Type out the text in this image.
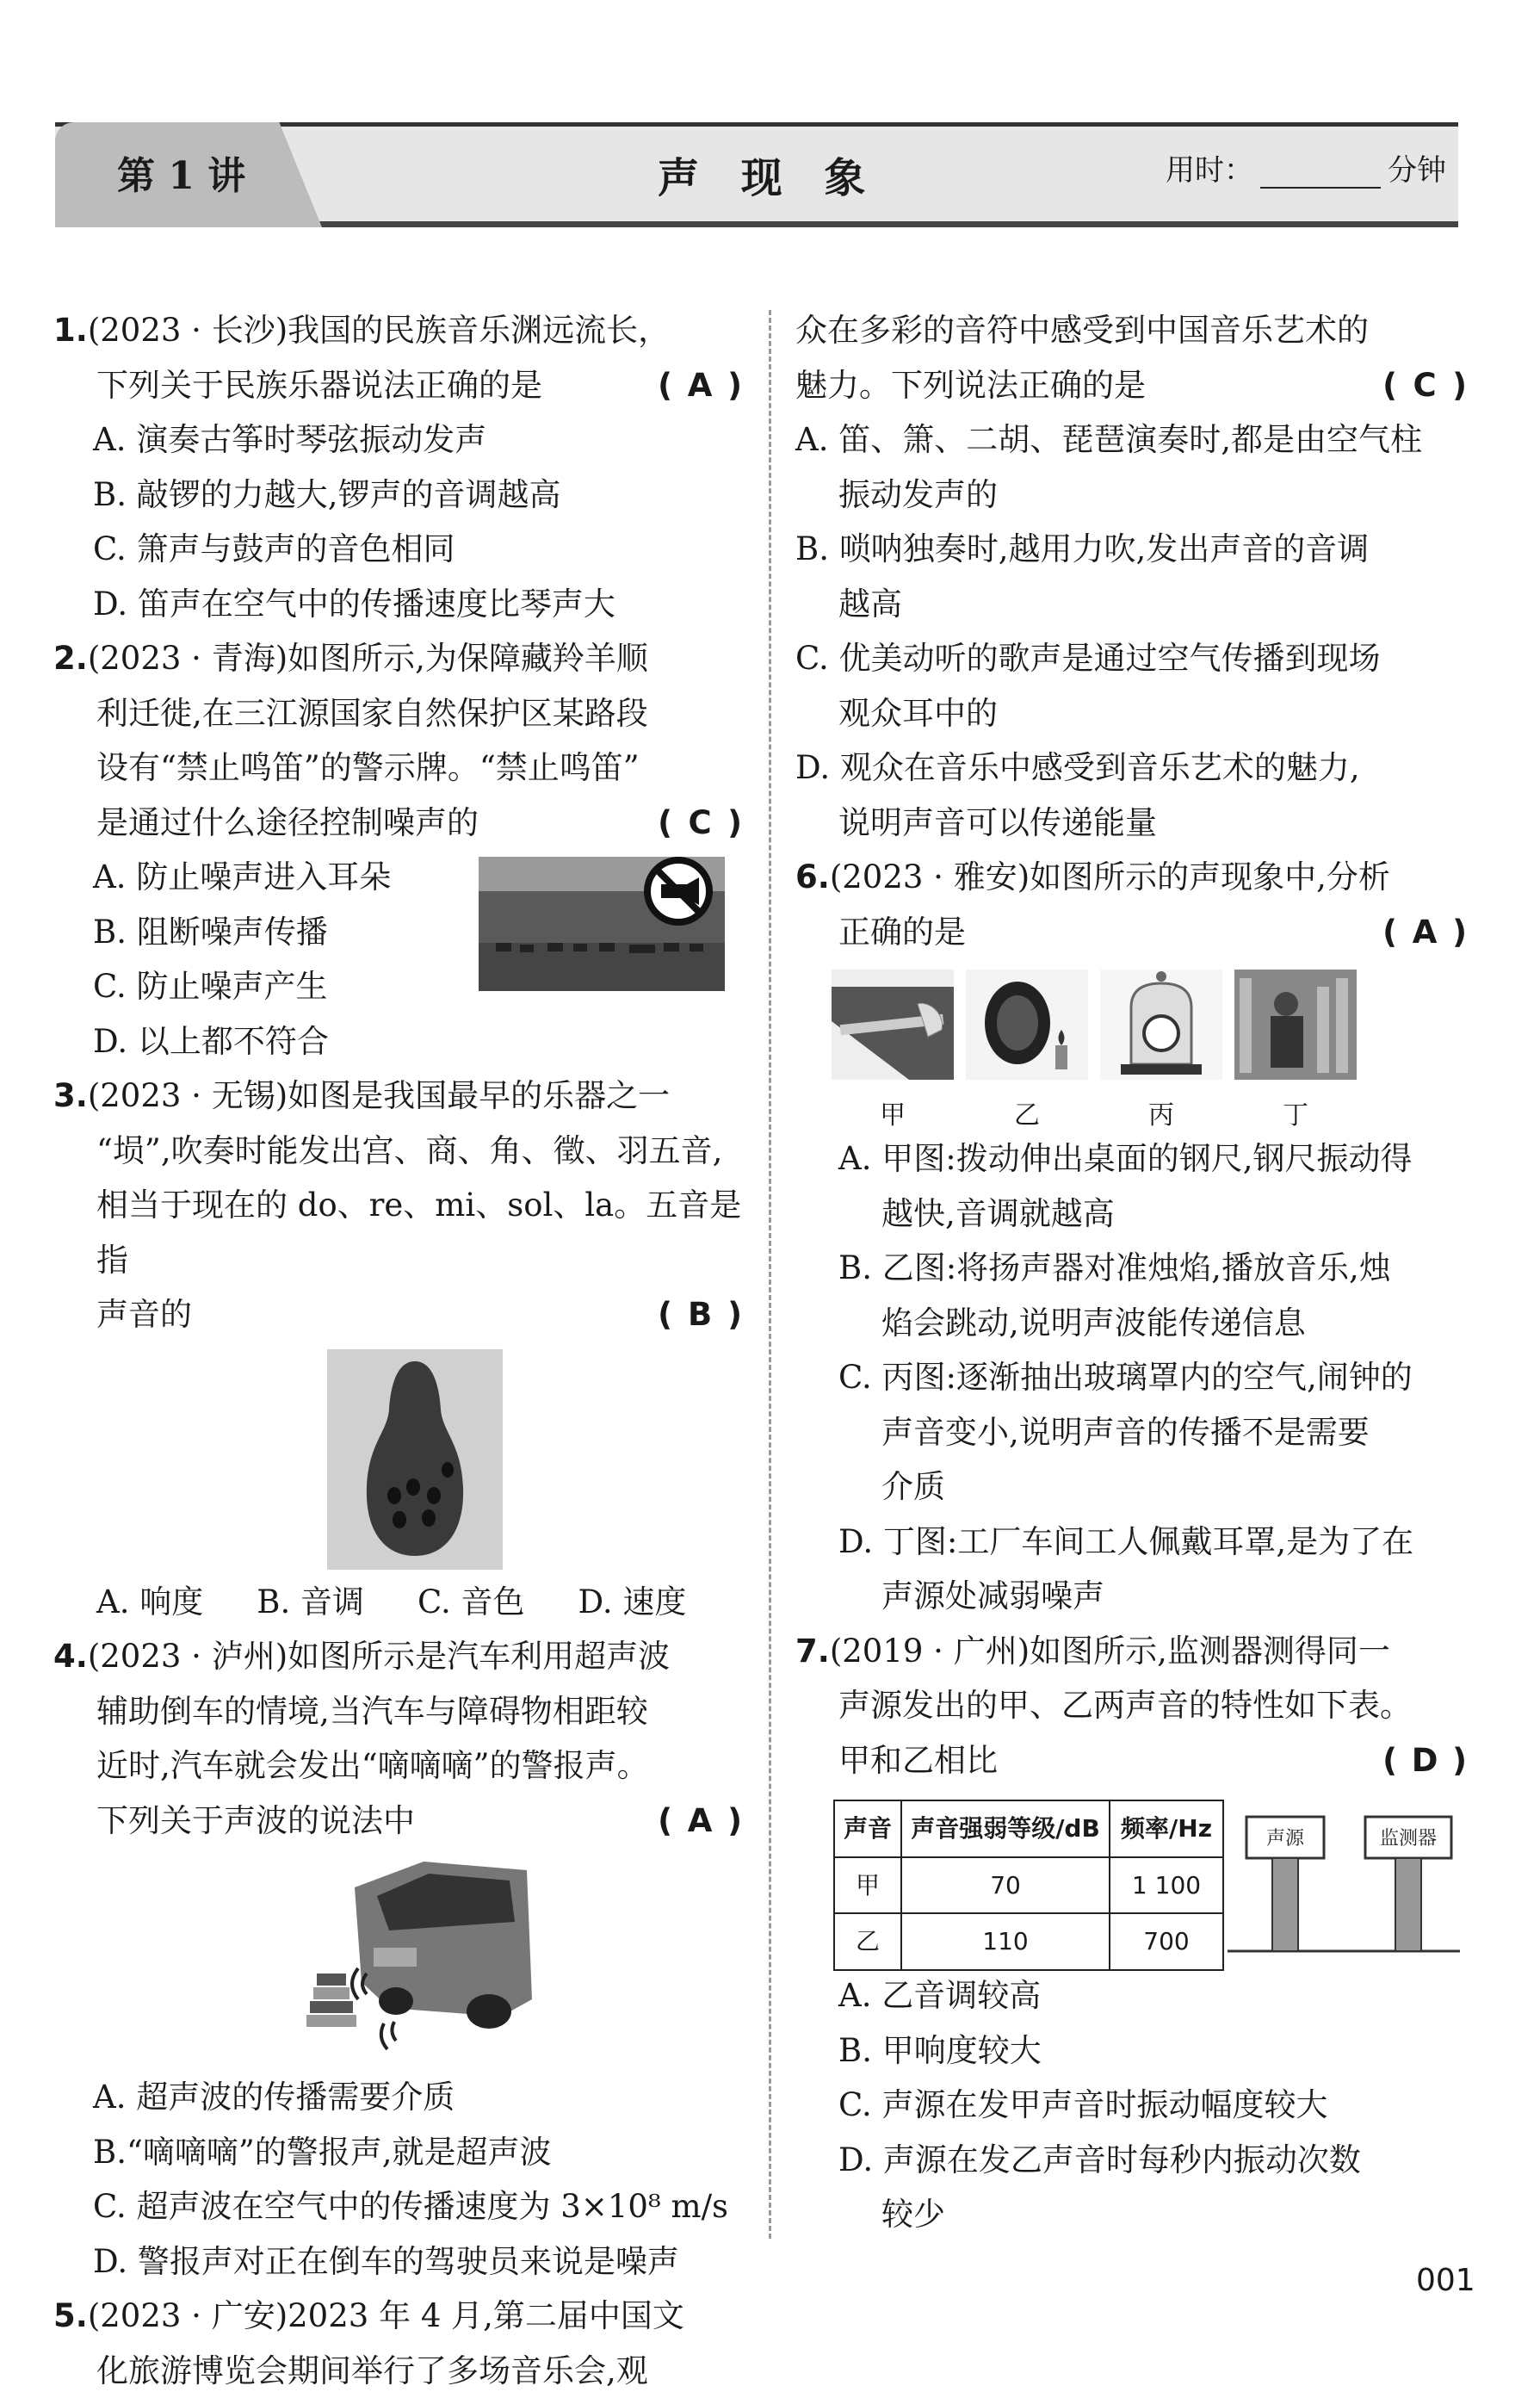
第 1 讲	声 现 象	用时：	分钟
1.(2023 · 长沙)我国的民族音乐渊远流长，
下列关于民族乐器说法正确的是	( A )
A. 演奏古筝时琴弦振动发声
B. 敲锣的力越大,锣声的音调越高
C. 箫声与鼓声的音色相同
D. 笛声在空气中的传播速度比琴声大
2.(2023 · 青海)如图所示,为保障藏羚羊顺
利迁徙,在三江源国家自然保护区某路段
设有“禁止鸣笛”的警示牌。“禁止鸣笛”
是通过什么途径控制噪声的	( C )
A. 防止噪声进入耳朵
B. 阻断噪声传播
C. 防止噪声产生
D. 以上都不符合
3.(2023 · 无锡)如图是我国最早的乐器之一
“埙”,吹奏时能发出宫、商、角、徵、羽五音,
相当于现在的 do、re、mi、sol、la。五音是指
声音的	( B )
A. 响度 B. 音调 C. 音色 D. 速度
4.(2023 · 泸州)如图所示是汽车利用超声波
辅助倒车的情境,当汽车与障碍物相距较
近时,汽车就会发出“嘀嘀嘀”的警报声。
下列关于声波的说法中	( A )
A. 超声波的传播需要介质
B.“嘀嘀嘀”的警报声,就是超声波
C. 超声波在空气中的传播速度为 3×10⁸ m/s
D. 警报声对正在倒车的驾驶员来说是噪声
5.(2023 · 广安)2023 年 4 月,第二届中国文
化旅游博览会期间举行了多场音乐会,观
众在多彩的音符中感受到中国音乐艺术的
魅力。下列说法正确的是	( C )
A. 笛、箫、二胡、琵琶演奏时,都是由空气柱
振动发声的
B. 唢呐独奏时,越用力吹,发出声音的音调
越高
C. 优美动听的歌声是通过空气传播到现场
观众耳中的
D. 观众在音乐中感受到音乐艺术的魅力,
说明声音可以传递能量
6.(2023 · 雅安)如图所示的声现象中,分析
正确的是	( A )
甲	乙	丙	丁
A. 甲图:拨动伸出桌面的钢尺,钢尺振动得
越快,音调就越高
B. 乙图:将扬声器对准烛焰,播放音乐,烛
焰会跳动,说明声波能传递信息
C. 丙图:逐渐抽出玻璃罩内的空气,闹钟的
声音变小,说明声音的传播不是需要
介质
D. 丁图:工厂车间工人佩戴耳罩,是为了在
声源处减弱噪声
7.(2019 · 广州)如图所示,监测器测得同一
声源发出的甲、乙两声音的特性如下表。
甲和乙相比	( D )
声音	声音强弱等级/dB	频率/Hz
甲	70	1 100
乙	110	700
声源	监测器
A. 乙音调较高
B. 甲响度较大
C. 声源在发甲声音时振动幅度较大
D. 声源在发乙声音时每秒内振动次数
较少
001
